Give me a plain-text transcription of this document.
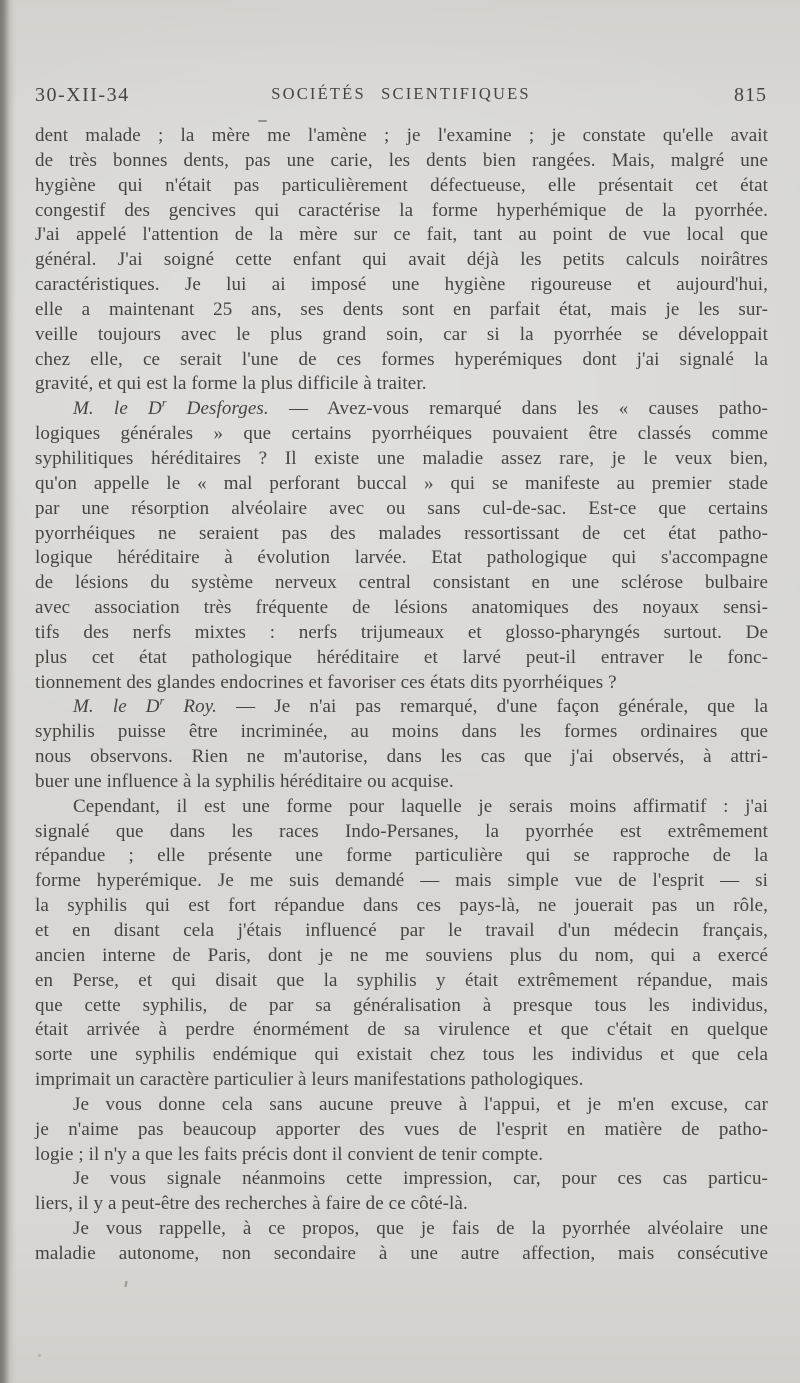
SOCIÉTÉS SCIENTIFIQUES
30-XII-34	815
dent malade ; la mère me l'amène ; je l'examine ; je constate qu'elle avait
de très bonnes dents, pas une carie, les dents bien rangées. Mais, malgré une
hygiène qui n'était pas particulièrement défectueuse, elle présentait cet état
congestif des gencives qui caractérise la forme hyperhémique de la pyorrhée.
J'ai appelé l'attention de la mère sur ce fait, tant au point de vue local que
général. J'ai soigné cette enfant qui avait déjà les petits calculs noirâtres
caractéristiques. Je lui ai imposé une hygiène rigoureuse et aujourd'hui,
elle a maintenant 25 ans, ses dents sont en parfait état, mais je les sur-
veille toujours avec le plus grand soin, car si la pyorrhée se développait
chez elle, ce serait l'une de ces formes hyperémiques dont j'ai signalé la
gravité, et qui est la forme la plus difficile à traiter.
M. le $D^r$ Desforges. — Avez-vous remarqué dans les « causes patho-
logiques générales » que certains pyorrhéiques pouvaient être classés comme
syphilitiques héréditaires ? Il existe une maladie assez rare, je le veux bien,
qu'on appelle le « mal perforant buccal » qui se manifeste au premier stade
par une résorption alvéolaire avec ou sans cul-de-sac. Est-ce que certains
pyorrhéiques ne seraient pas des malades ressortissant de cet état patho-
logique héréditaire à évolution larvée. Etat pathologique qui s'accompagne
de lésions du système nerveux central consistant en une sclérose bulbaire
avec association très fréquente de lésions anatomiques des noyaux sensi-
tifs des nerfs mixtes : nerfs trijumeaux et glosso-pharyngés surtout. De
plus cet état pathologique héréditaire et larvé peut-il entraver le fonc-
tionnement des glandes endocrines et favoriser ces états dits pyorrhéiques ?
M. le $D^r$ Roy. — Je n'ai pas remarqué, d'une façon générale, que la
syphilis puisse être incriminée, au moins dans les formes ordinaires que
nous observons. Rien ne m'autorise, dans les cas que j'ai observés, à attri-
buer une influence à la syphilis héréditaire ou acquise.
Cependant, il est une forme pour laquelle je serais moins affirmatif : j'ai
signalé que dans les races Indo-Persanes, la pyorrhée est extrêmement
répandue ; elle présente une forme particulière qui se rapproche de la
forme hyperémique. Je me suis demandé — mais simple vue de l'esprit — si
la syphilis qui est fort répandue dans ces pays-là, ne jouerait pas un rôle,
et en disant cela j'étais influencé par le travail d'un médecin français,
ancien interne de Paris, dont je ne me souviens plus du nom, qui a exercé
en Perse, et qui disait que la syphilis y était extrêmement répandue, mais
que cette syphilis, de par sa généralisation à presque tous les individus,
était arrivée à perdre énormément de sa virulence et que c'était en quelque
sorte une syphilis endémique qui existait chez tous les individus et que cela
imprimait un caractère particulier à leurs manifestations pathologiques.
Je vous donne cela sans aucune preuve à l'appui, et je m'en excuse, car
je n'aime pas beaucoup apporter des vues de l'esprit en matière de patho-
logie ; il n'y a que les faits précis dont il convient de tenir compte.
Je vous signale néanmoins cette impression, car, pour ces cas particu-
liers, il y a peut-être des recherches à faire de ce côté-là.
Je vous rappelle, à ce propos, que je fais de la pyorrhée alvéolaire une
maladie autonome, non secondaire à une autre affection, mais consécutive
